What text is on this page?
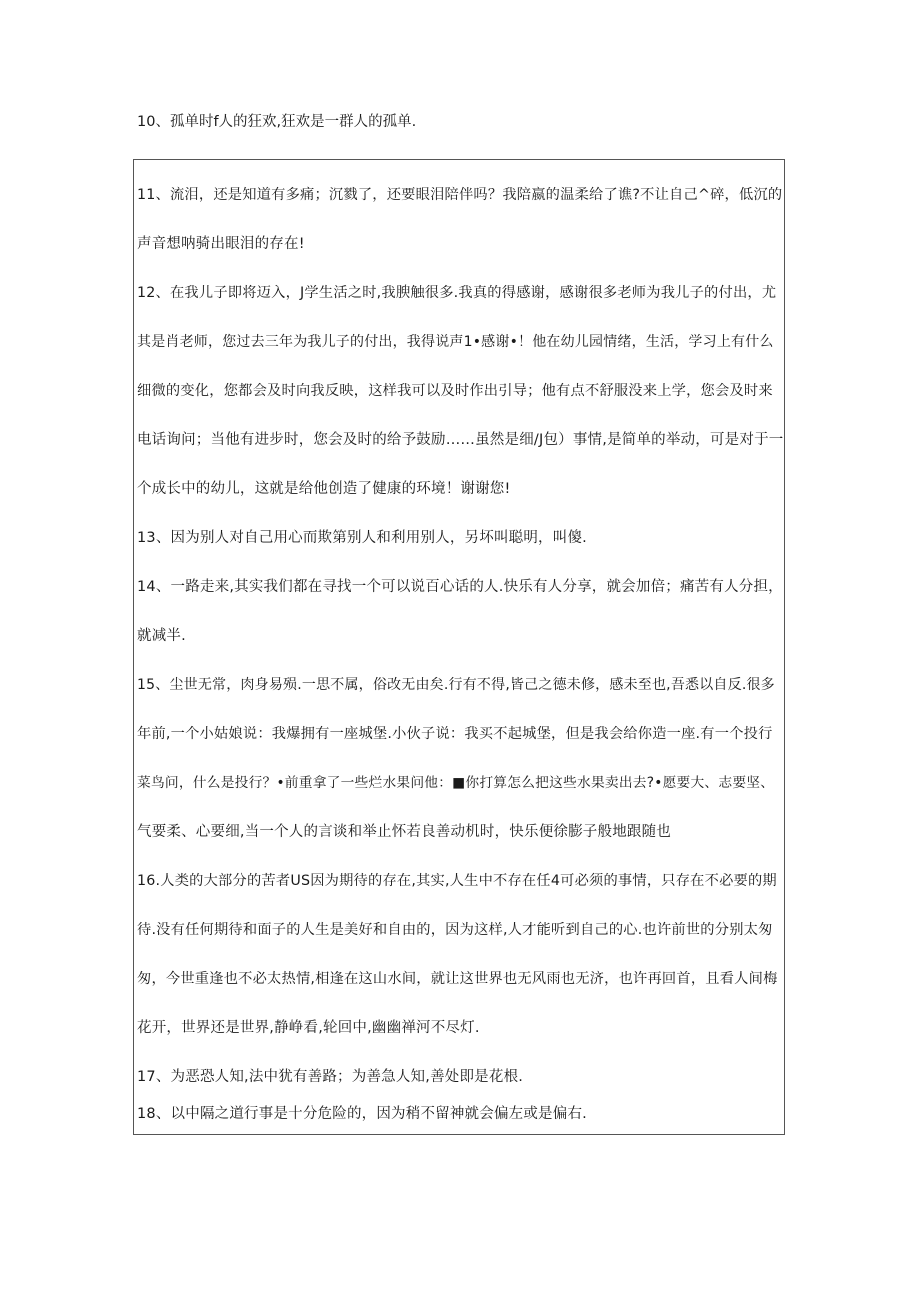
10、孤单时f人的狂欢,狂欢是一群人的孤单.
11、流泪，还是知道有多痛；沉戮了，还要眼泪陪伴吗？我陪嬴的温柔给了谯?不让自己^碎，低沉的
声音想呐骑出眼泪的存在!
12、在我儿子即将迈入，J学生活之时,我腴触很多.我真的得感谢，感谢很多老师为我儿子的付出，尤
其是肖老师，您过去三年为我儿子的付出，我得说声1•感谢•！他在幼儿园情绪，生活，学习上有什么
细微的变化，您都会及时向我反映，这样我可以及时作出引导；他有点不舒服没来上学，您会及时来
电话询问；当他有进步时，您会及时的给予鼓励……虽然是细/J包）事情,是简单的举动，可是对于一
个成长中的幼儿，这就是给他创造了健康的环境！谢谢您!
13、因为别人对自己用心而欺第别人和利用别人，另坏叫聪明，叫傻.
14、一路走来,其实我们都在寻找一个可以说百心话的人.快乐有人分享，就会加倍；痛苦有人分担，
就减半.
15、尘世无常，肉身易殒.一思不属，俗改无由矣.行有不得,皆己之德未修，感未至也,吾悉以自反.很多
年前,一个小姑娘说：我爆拥有一座城堡.小伙子说：我买不起城堡，但是我会给你造一座.有一个投行
菜鸟问，什么是投行？•前重拿了一些烂水果问他：■你打算怎么把这些水果卖出去?•愿要大、志要坚、
气要柔、心要细,当一个人的言谈和举止怀若良善动机时，快乐便徐膨子般地跟随也
16.人类的大部分的苦者US因为期待的存在,其实,人生中不存在任4可必须的事情，只存在不必要的期
待.没有任何期待和面子的人生是美好和自由的，因为这样,人才能听到自己的心.也许前世的分别太匆
匆，今世重逢也不必太热情,相逢在这山水间，就让这世界也无风雨也无济，也许再回首，且看人间梅
花开，世界还是世界,静峥看,轮回中,幽幽禅河不尽灯.
17、为恶恐人知,法中犹有善路；为善急人知,善处即是花根.
18、以中隔之道行事是十分危险的，因为稍不留神就会偏左或是偏右.
